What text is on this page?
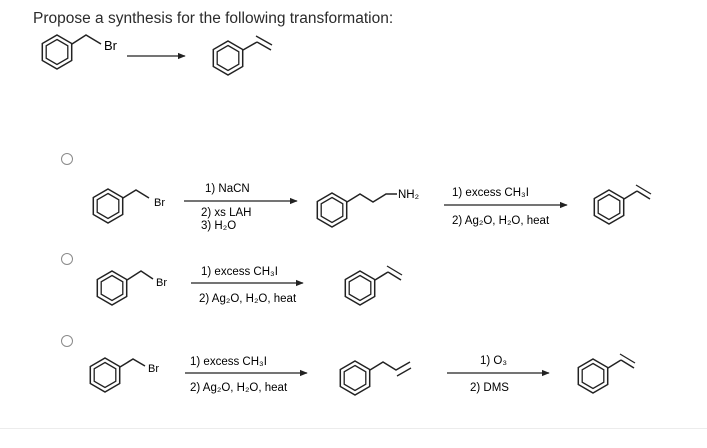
Propose a synthesis for the following transformation:
Br
Br
1) NaCN
2) xs LAH
3) H₂O
NH₂	1) excess CH₃I
2) Ag₂O, H₂O, heat
Br
1) excess CH₃I
2) Ag₂O, H₂O, heat
Br
1) excess CH₃I
2) Ag₂O, H₂O, heat
1) O₃
2) DMS
